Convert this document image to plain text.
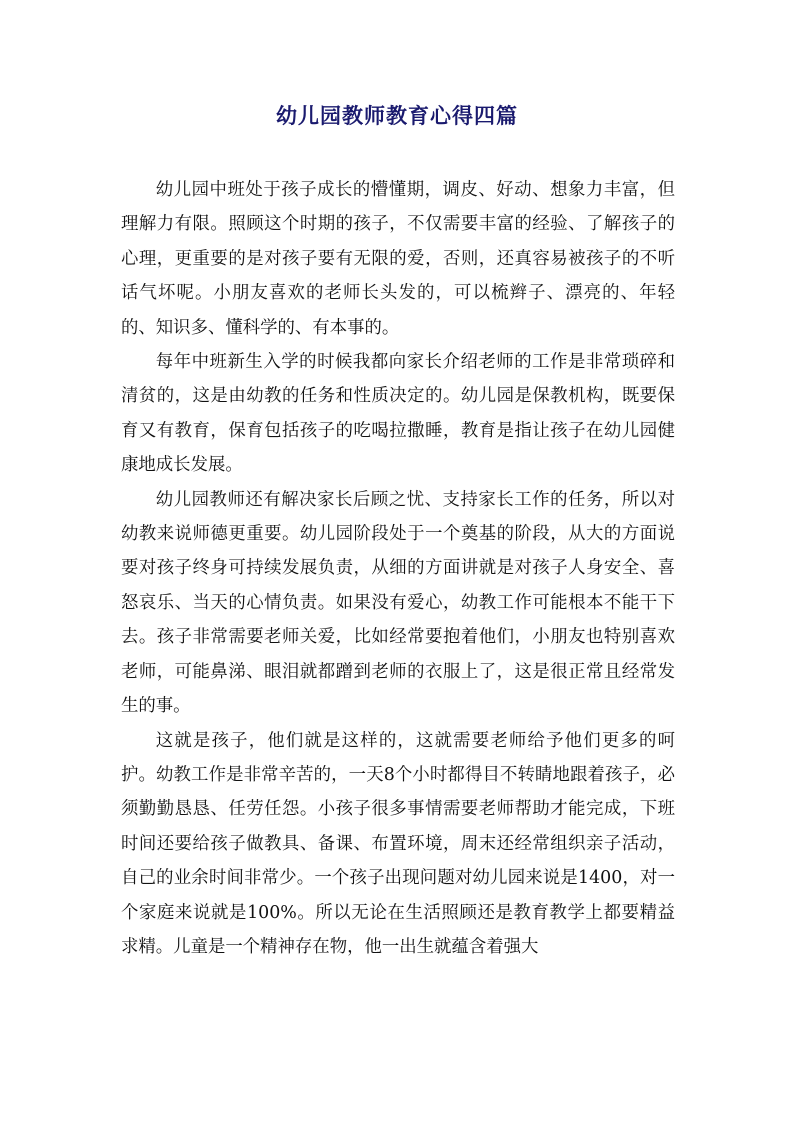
幼儿园教师教育心得四篇

幼儿园中班处于孩子成长的懵懂期，调皮、好动、想象力丰富，但理解力有限。照顾这个时期的孩子，不仅需要丰富的经验、了解孩子的心理，更重要的是对孩子要有无限的爱，否则，还真容易被孩子的不听话气坏呢。小朋友喜欢的老师长头发的，可以梳辫子、漂亮的、年轻的、知识多、懂科学的、有本事的。

每年中班新生入学的时候我都向家长介绍老师的工作是非常琐碎和清贫的，这是由幼教的任务和性质决定的。幼儿园是保教机构，既要保育又有教育，保育包括孩子的吃喝拉撒睡，教育是指让孩子在幼儿园健康地成长发展。

幼儿园教师还有解决家长后顾之忧、支持家长工作的任务，所以对幼教来说师德更重要。幼儿园阶段处于一个奠基的阶段，从大的方面说要对孩子终身可持续发展负责，从细的方面讲就是对孩子人身安全、喜怒哀乐、当天的心情负责。如果没有爱心，幼教工作可能根本不能干下去。孩子非常需要老师关爱，比如经常要抱着他们，小朋友也特别喜欢老师，可能鼻涕、眼泪就都蹭到老师的衣服上了，这是很正常且经常发生的事。

这就是孩子，他们就是这样的，这就需要老师给予他们更多的呵护。幼教工作是非常辛苦的，一天8个小时都得目不转睛地跟着孩子，必须勤勤恳恳、任劳任怨。小孩子很多事情需要老师帮助才能完成，下班时间还要给孩子做教具、备课、布置环境，周末还经常组织亲子活动，自己的业余时间非常少。一个孩子出现问题对幼儿园来说是1400，对一个家庭来说就是100%。所以无论在生活照顾还是教育教学上都要精益求精。儿童是一个精神存在物，他一出生就蕴含着强大
